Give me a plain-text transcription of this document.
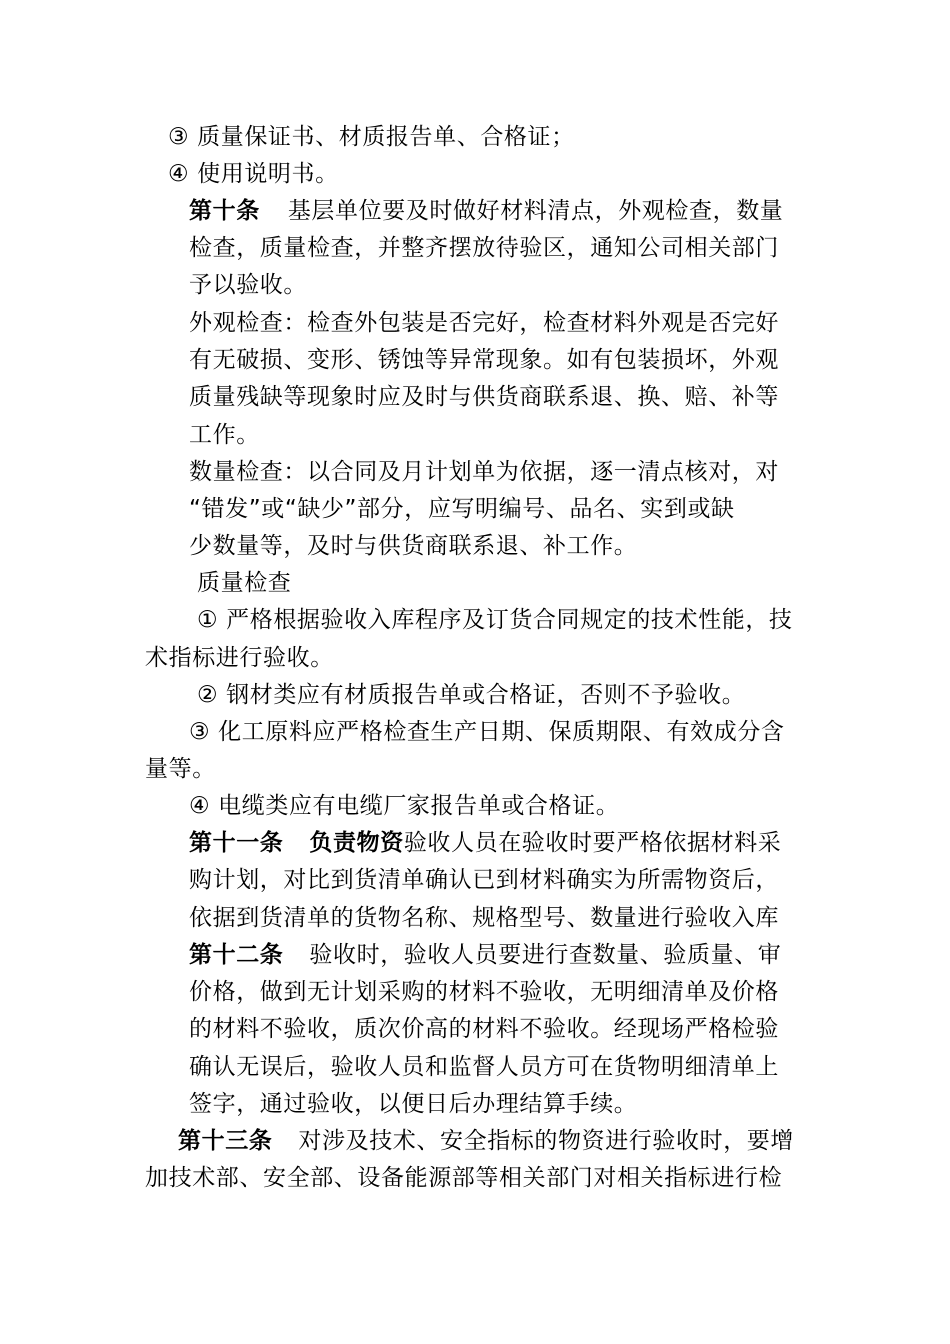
③ 质量保证书、材质报告单、合格证；

④ 使用说明书。

第十条 基层单位要及时做好材料清点，外观检查，数量

检查，质量检查，并整齐摆放待验区，通知公司相关部门

予以验收。

外观检查：检查外包装是否完好，检查材料外观是否完好

有无破损、变形、锈蚀等异常现象。如有包装损坏，外观

质量残缺等现象时应及时与供货商联系退、换、赔、补等

工作。

数量检查：以合同及月计划单为依据，逐一清点核对，对

“错发”或“缺少”部分，应写明编号、品名、实到或缺

少数量等，及时与供货商联系退、补工作。

质量检查

① 严格根据验收入库程序及订货合同规定的技术性能，技

术指标进行验收。

② 钢材类应有材质报告单或合格证，否则不予验收。

③ 化工原料应严格检查生产日期、保质期限、有效成分含

量等。

④ 电缆类应有电缆厂家报告单或合格证。

第十一条 负责物资验收人员在验收时要严格依据材料采

购计划，对比到货清单确认已到材料确实为所需物资后，

依据到货清单的货物名称、规格型号、数量进行验收入库

第十二条 验收时，验收人员要进行查数量、验质量、审

价格，做到无计划采购的材料不验收，无明细清单及价格

的材料不验收，质次价高的材料不验收。经现场严格检验

确认无误后，验收人员和监督人员方可在货物明细清单上

签字，通过验收，以便日后办理结算手续。

第十三条 对涉及技术、安全指标的物资进行验收时，要增

加技术部、安全部、设备能源部等相关部门对相关指标进行检
